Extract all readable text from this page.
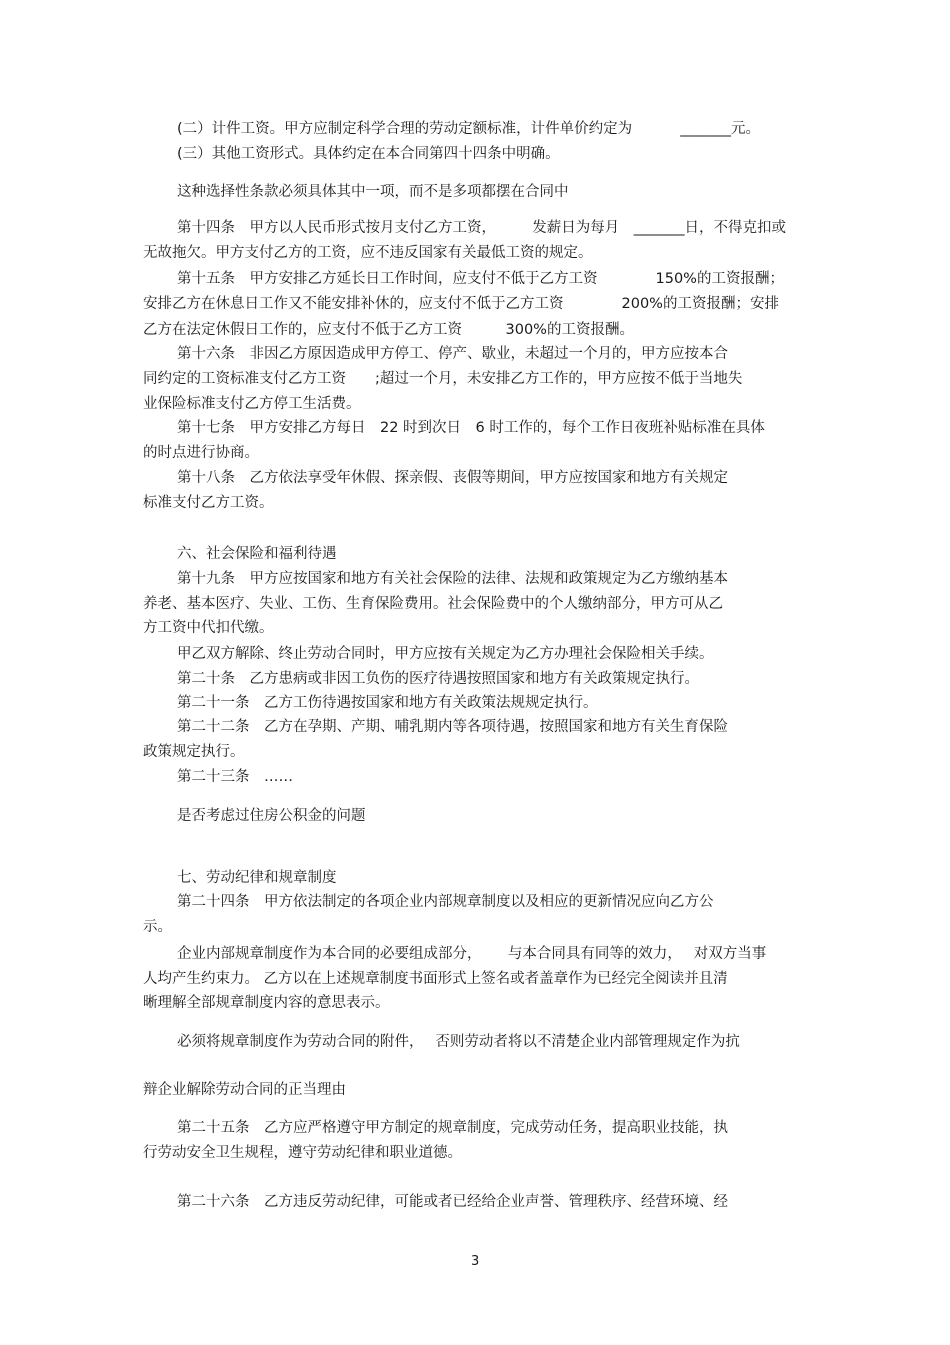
(二）计件工资。甲方应制定科学合理的劳动定额标准，计件单价约定为　　　 _______元。

(三）其他工资形式。具体约定在本合同第四十四条中明确。

这种选择性条款必须具体其中一项，而不是多项都摆在合同中

第十四条　甲方以人民币形式按月支付乙方工资，　　　发薪日为每月　_______日，不得克扣或

无故拖欠。甲方支付乙方的工资，应不违反国家有关最低工资的规定。

第十五条　甲方安排乙方延长日工作时间，应支付不低于乙方工资　　　　150%的工资报酬；

安排乙方在休息日工作又不能安排补休的，应支付不低于乙方工资　　　　200%的工资报酬；安排

乙方在法定休假日工作的，应支付不低于乙方工资　　　300%的工资报酬。

第十六条　非因乙方原因造成甲方停工、停产、歇业，未超过一个月的，甲方应按本合

同约定的工资标准支付乙方工资　　;超过一个月，未安排乙方工作的，甲方应按不低于当地失

业保险标准支付乙方停工生活费。

第十七条　甲方安排乙方每日　22 时到次日　6 时工作的，每个工作日夜班补贴标准在具体

的时点进行协商。

第十八条　乙方依法享受年休假、探亲假、丧假等期间，甲方应按国家和地方有关规定

标准支付乙方工资。

六、社会保险和福利待遇

第十九条　甲方应按国家和地方有关社会保险的法律、法规和政策规定为乙方缴纳基本

养老、基本医疗、失业、工伤、生育保险费用。社会保险费中的个人缴纳部分，甲方可从乙

方工资中代扣代缴。

甲乙双方解除、终止劳动合同时，甲方应按有关规定为乙方办理社会保险相关手续。

第二十条　乙方患病或非因工负伤的医疗待遇按照国家和地方有关政策规定执行。

第二十一条　乙方工伤待遇按国家和地方有关政策法规规定执行。

第二十二条　乙方在孕期、产期、哺乳期内等各项待遇，按照国家和地方有关生育保险

政策规定执行。

第二十三条　……

是否考虑过住房公积金的问题

七、劳动纪律和规章制度

第二十四条　甲方依法制定的各项企业内部规章制度以及相应的更新情况应向乙方公

示。

企业内部规章制度作为本合同的必要组成部分，　　 与本合同具有同等的效力，　 对双方当事

人均产生约束力。 乙方以在上述规章制度书面形式上签名或者盖章作为已经完全阅读并且清

晰理解全部规章制度内容的意思表示。

必须将规章制度作为劳动合同的附件，　 否则劳动者将以不清楚企业内部管理规定作为抗

辩企业解除劳动合同的正当理由

第二十五条　乙方应严格遵守甲方制定的规章制度，完成劳动任务，提高职业技能，执

行劳动安全卫生规程，遵守劳动纪律和职业道德。

第二十六条　乙方违反劳动纪律，可能或者已经给企业声誉、管理秩序、经营环境、经

3
